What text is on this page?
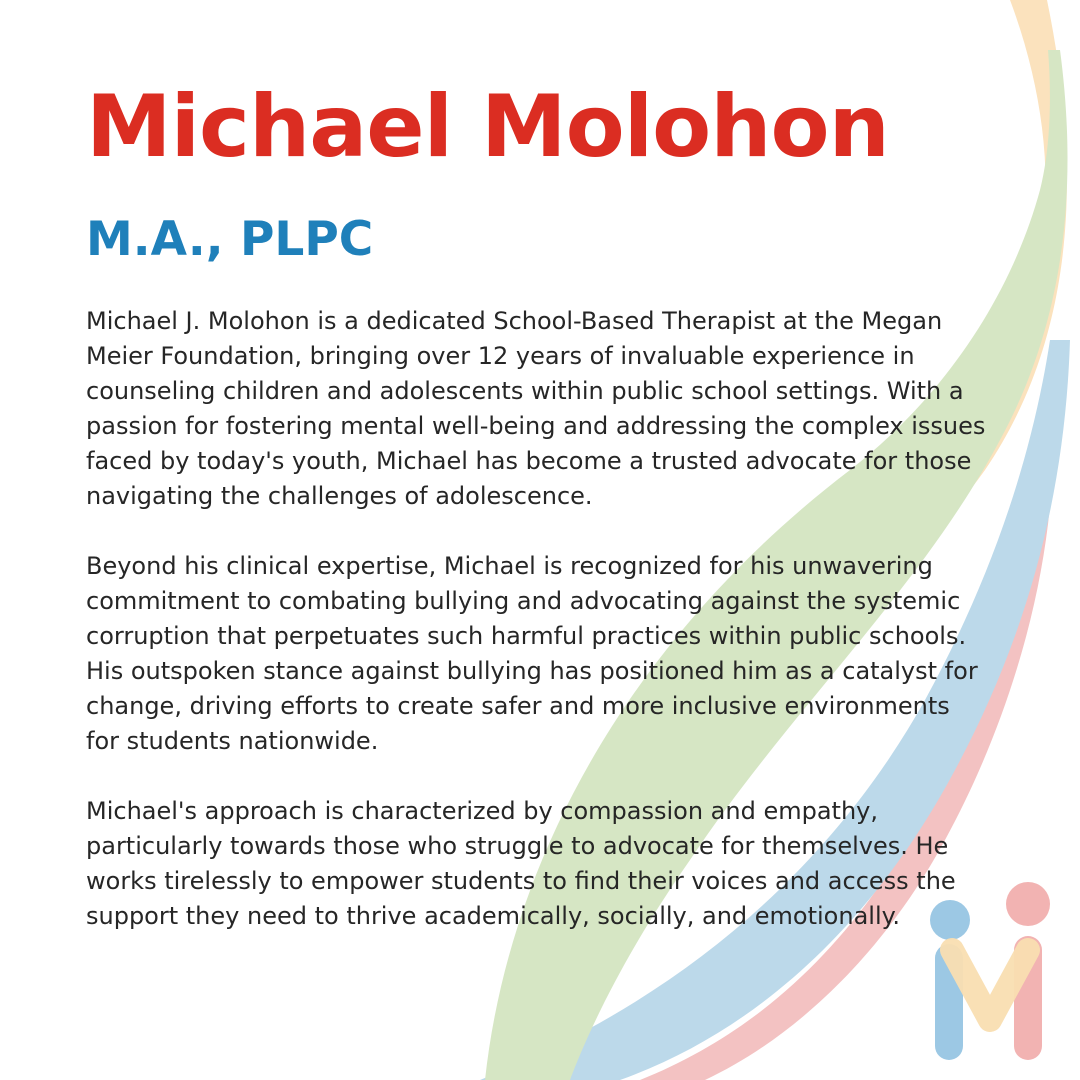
Michael Molohon
M.A., PLPC

Michael J. Molohon is a dedicated School-Based Therapist at the Megan Meier Foundation, bringing over 12 years of invaluable experience in counseling children and adolescents within public school settings. With a passion for fostering mental well-being and addressing the complex issues faced by today's youth, Michael has become a trusted advocate for those navigating the challenges of adolescence.

Beyond his clinical expertise, Michael is recognized for his unwavering commitment to combating bullying and advocating against the systemic corruption that perpetuates such harmful practices within public schools. His outspoken stance against bullying has positioned him as a catalyst for change, driving efforts to create safer and more inclusive environments for students nationwide.

Michael's approach is characterized by compassion and empathy, particularly towards those who struggle to advocate for themselves. He works tirelessly to empower students to find their voices and access the support they need to thrive academically, socially, and emotionally.
